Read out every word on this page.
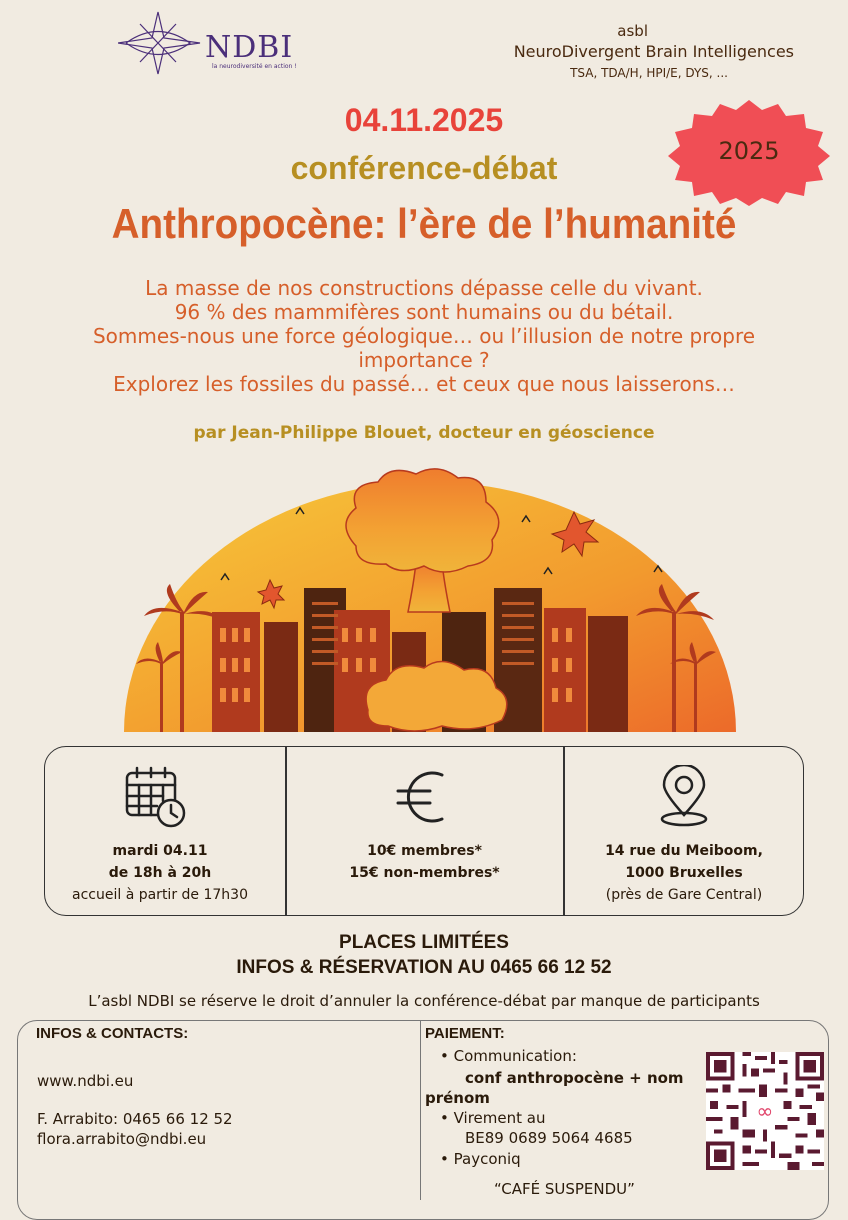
NDBI
la neurodiversité en action !
asbl
NeuroDivergent Brain Intelligences
TSA, TDA/H, HPI/E, DYS, ...
2025
04.11.2025
conférence-débat
Anthropocène: l’ère de l’humanité
La masse de nos constructions dépasse celle du vivant.
96 % des mammifères sont humains ou du bétail.
Sommes-nous une force géologique… ou l’illusion de notre propre
importance ?
Explorez les fossiles du passé… et ceux que nous laisserons…
par Jean-Philippe Blouet, docteur en géoscience
mardi 04.11
de 18h à 20h
accueil à partir de 17h30
10€ membres*
15€ non-membres*
14 rue du Meiboom,
1000 Bruxelles
(près de Gare Central)
PLACES LIMITÉES
INFOS & RÉSERVATION AU 0465 66 12 52
L’asbl NDBI se réserve le droit d’annuler la conférence-débat par manque de participants
INFOS & CONTACTS:
www.ndbi.eu
F. Arrabito: 0465 66 12 52
flora.arrabito@ndbi.eu
PAIEMENT:
• Communication:
conf anthropocène + nom
prénom
• Virement au
BE89 0689 5064 4685
• Payconiq
“CAFÉ SUSPENDU”
∞
